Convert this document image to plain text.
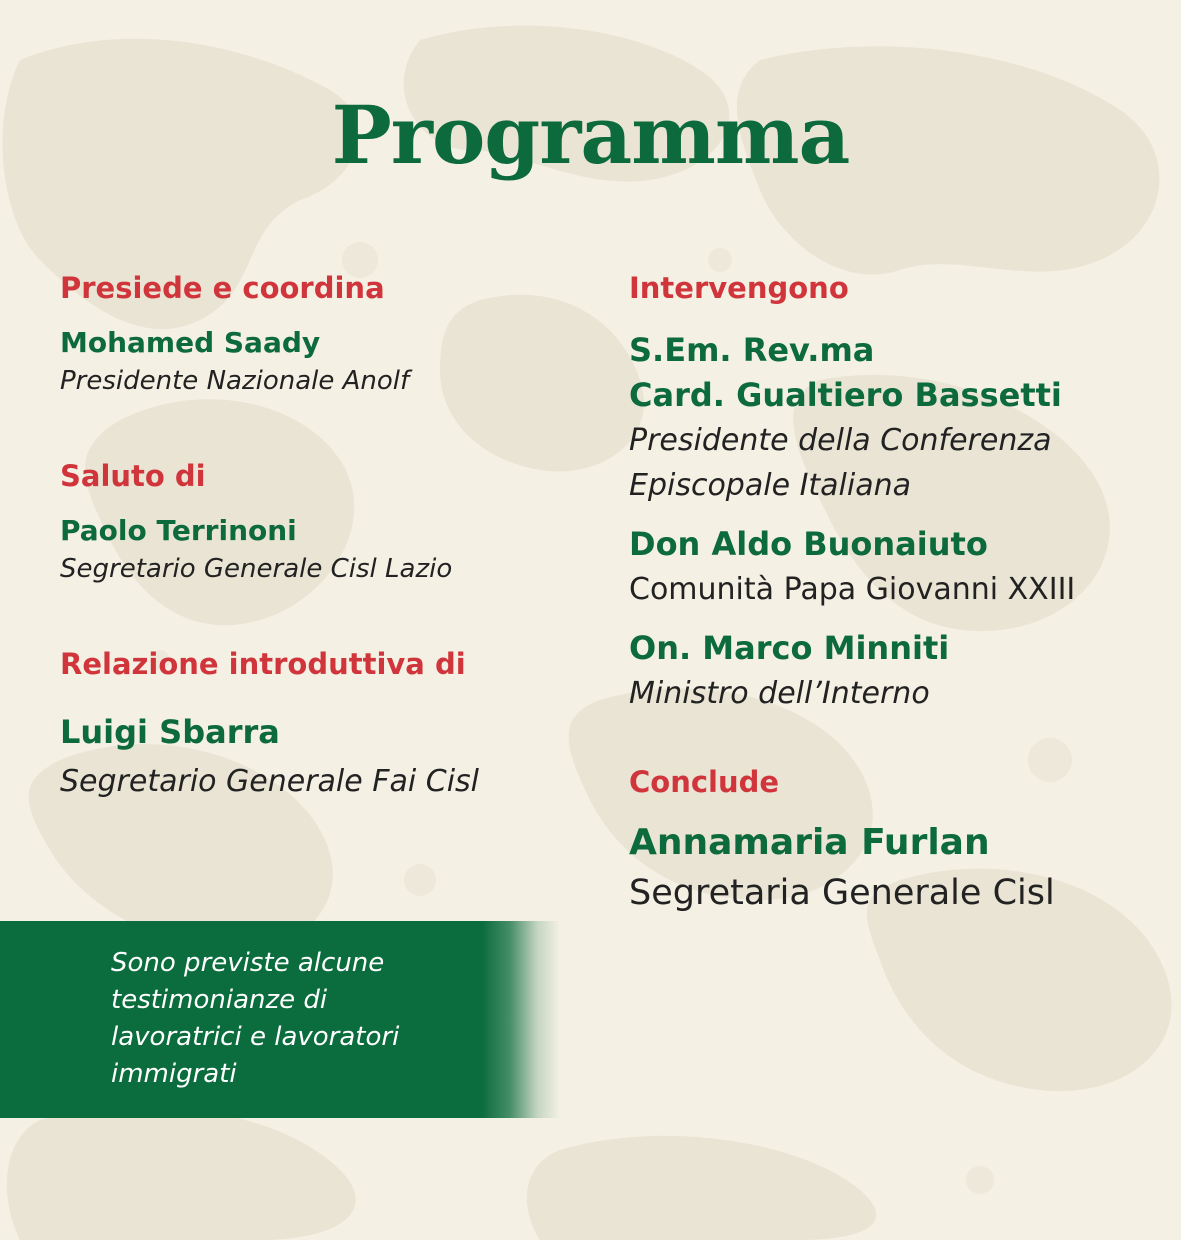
Programma

Presiede e coordina

Mohamed Saady

Presidente Nazionale Anolf

Saluto di

Paolo Terrinoni

Segretario Generale Cisl Lazio

Relazione introduttiva di

Luigi Sbarra

Segretario Generale Fai Cisl

Intervengono

S.Em. Rev.ma

Card. Gualtiero Bassetti

Presidente della Conferenza

Episcopale Italiana

Don Aldo Buonaiuto

Comunità Papa Giovanni XXIII

On. Marco Minniti

Ministro dell’Interno

Conclude

Annamaria Furlan

Segretaria Generale Cisl

Sono previste alcune
testimonianze di
lavoratrici e lavoratori
immigrati
